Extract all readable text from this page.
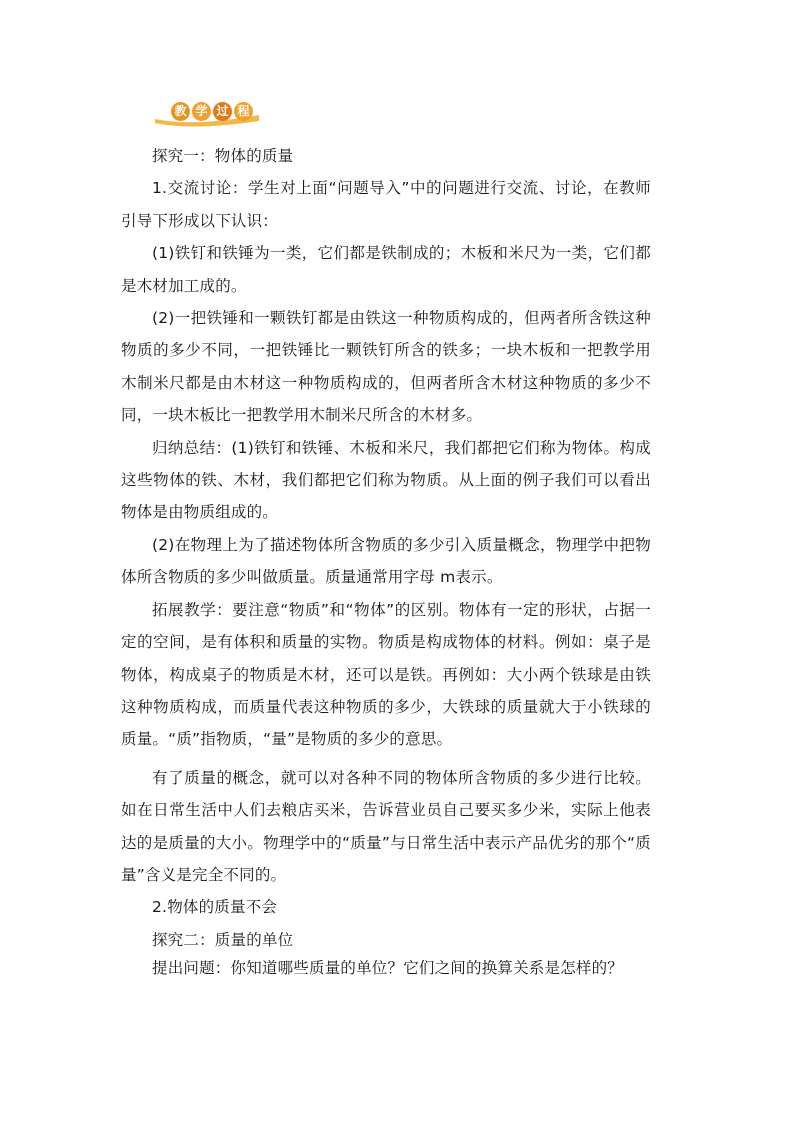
教 学 过 程

探究一：物体的质量

1.交流讨论：学生对上面“问题导入”中的问题进行交流、讨论，在教师引导下形成以下认识：

(1)铁钉和铁锤为一类，它们都是铁制成的；木板和米尺为一类，它们都是木材加工成的。

(2)一把铁锤和一颗铁钉都是由铁这一种物质构成的，但两者所含铁这种物质的多少不同，一把铁锤比一颗铁钉所含的铁多；一块木板和一把教学用木制米尺都是由木材这一种物质构成的，但两者所含木材这种物质的多少不同，一块木板比一把教学用木制米尺所含的木材多。

归纳总结：(1)铁钉和铁锤、木板和米尺，我们都把它们称为物体。构成这些物体的铁、木材，我们都把它们称为物质。从上面的例子我们可以看出物体是由物质组成的。

(2)在物理上为了描述物体所含物质的多少引入质量概念，物理学中把物体所含物质的多少叫做质量。质量通常用字母 m表示。

拓展教学：要注意“物质”和“物体”的区别。物体有一定的形状，占据一定的空间，是有体积和质量的实物。物质是构成物体的材料。例如：桌子是物体，构成桌子的物质是木材，还可以是铁。再例如：大小两个铁球是由铁这种物质构成，而质量代表这种物质的多少，大铁球的质量就大于小铁球的质量。“质”指物质，“量”是物质的多少的意思。

有了质量的概念，就可以对各种不同的物体所含物质的多少进行比较。如在日常生活中人们去粮店买米，告诉营业员自己要买多少米，实际上他表达的是质量的大小。物理学中的“质量”与日常生活中表示产品优劣的那个“质量”含义是完全不同的。

2.物体的质量不会

探究二：质量的单位

提出问题：你知道哪些质量的单位？它们之间的换算关系是怎样的？
